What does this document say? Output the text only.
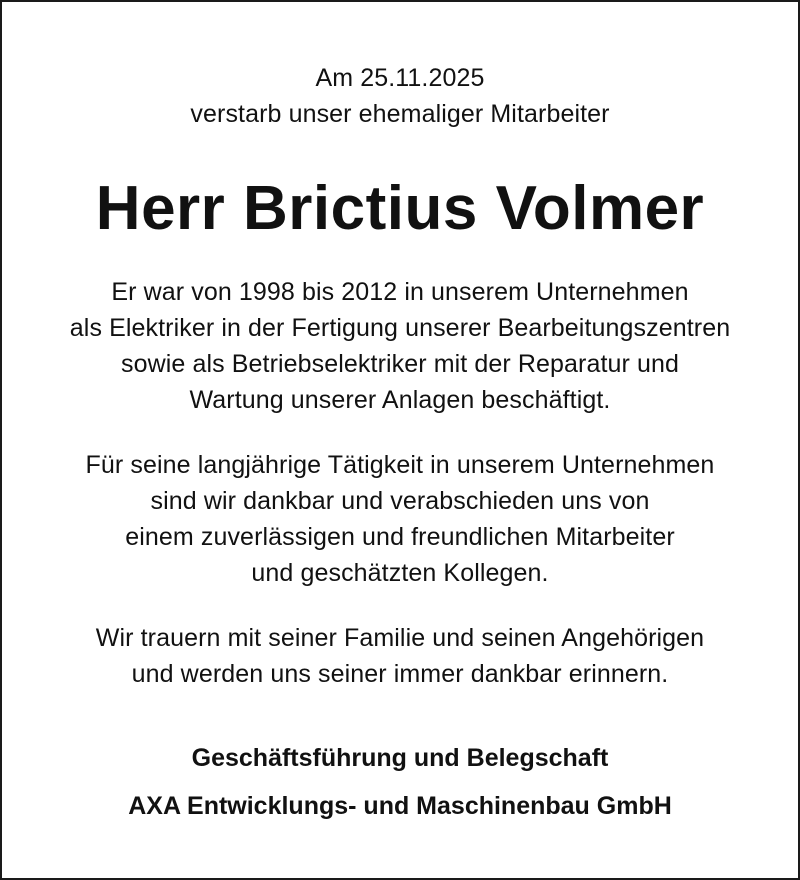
Am 25.11.2025
verstarb unser ehemaliger Mitarbeiter
Herr Brictius Volmer
Er war von 1998 bis 2012 in unserem Unternehmen
als Elektriker in der Fertigung unserer Bearbeitungszentren
sowie als Betriebselektriker mit der Reparatur und
Wartung unserer Anlagen beschäftigt.
Für seine langjährige Tätigkeit in unserem Unternehmen
sind wir dankbar und verabschieden uns von
einem zuverlässigen und freundlichen Mitarbeiter
und geschätzten Kollegen.
Wir trauern mit seiner Familie und seinen Angehörigen
und werden uns seiner immer dankbar erinnern.
Geschäftsführung und Belegschaft
AXA Entwicklungs- und Maschinenbau GmbH
